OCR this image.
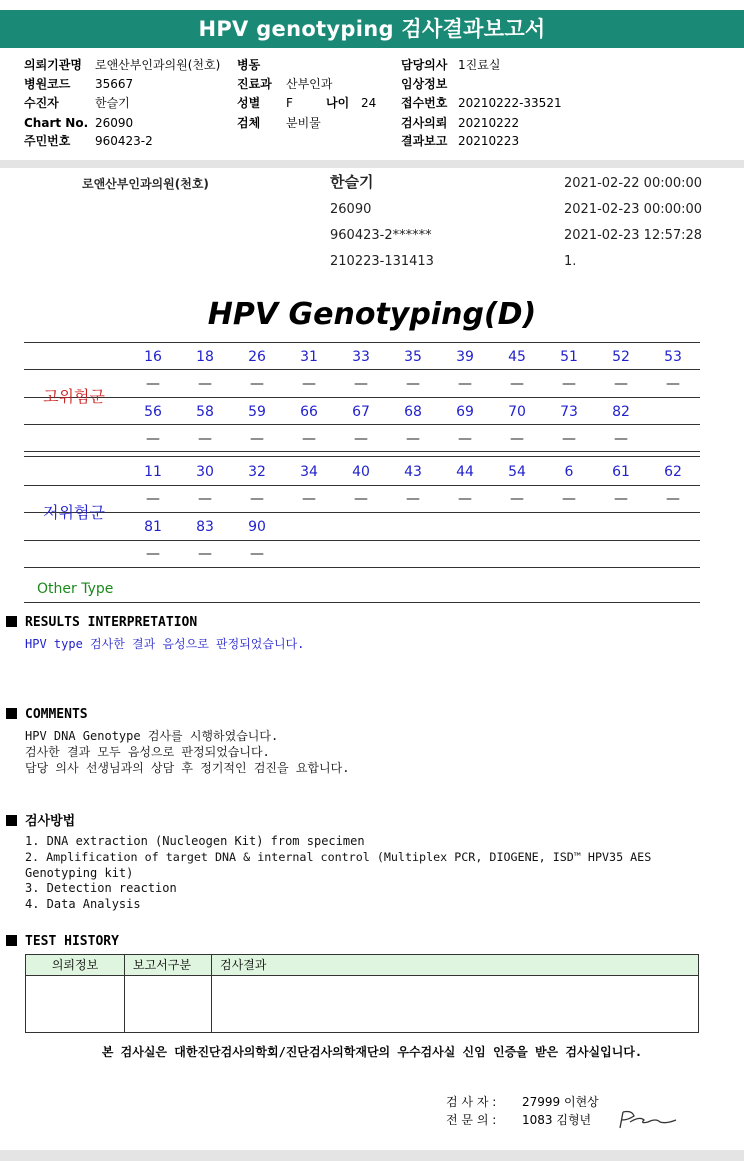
HPV genotyping 검사결과보고서
의뢰기관명 로앤산부인과의원(천호)
병원코드 35667
수진자	한슬기
Chart No. 26090
주민번호 960423-2
병동
진료과 산부인과
성별 F	나이 24
검체 분비물
담당의사 1진료실
임상정보
접수번호 20210222-33521
검사의뢰 20210222
결과보고 20210223
로앤산부인과의원(천호)	한슬기
26090
960423-2******
210223-131413
2021-02-22 00:00:00
2021-02-23 00:00:00
2021-02-23 12:57:28
1.
HPV Genotyping(D)
고위험군
저위험군
16	18	26	31	33	35	39	45	51	52	53
—	—	—	—	—	—	—	—	—	—	—
56	58	59	66	67	68	69	70	73	82
—	—	—	—	—	—	—	—	—	—
11	30	32	34	40	43	44	54	6	61	62
—	—	—	—	—	—	—	—	—	—	—
81	83	90
—	—	—
Other Type
RESULTS INTERPRETATION
HPV type 검사한 결과 음성으로 판정되었습니다.
COMMENTS
HPV DNA Genotype 검사를 시행하였습니다.
검사한 결과 모두 음성으로 판정되었습니다.
담당 의사 선생님과의 상담 후 정기적인 검진을 요합니다.
검사방법
1. DNA extraction (Nucleogen Kit) from specimen
2. Amplification of target DNA & internal control (Multiplex PCR, DIOGENE, ISD™ HPV35 AES
Genotyping kit)
3. Detection reaction
4. Data Analysis
TEST HISTORY
의뢰정보	보고서구분	검사결과

본 검사실은 대한진단검사의학회/진단검사의학재단의 우수검사실 신임 인증을 받은 검사실입니다.
검 사 자 : 27999 이현상
전 문 의 : 1083 김형년
